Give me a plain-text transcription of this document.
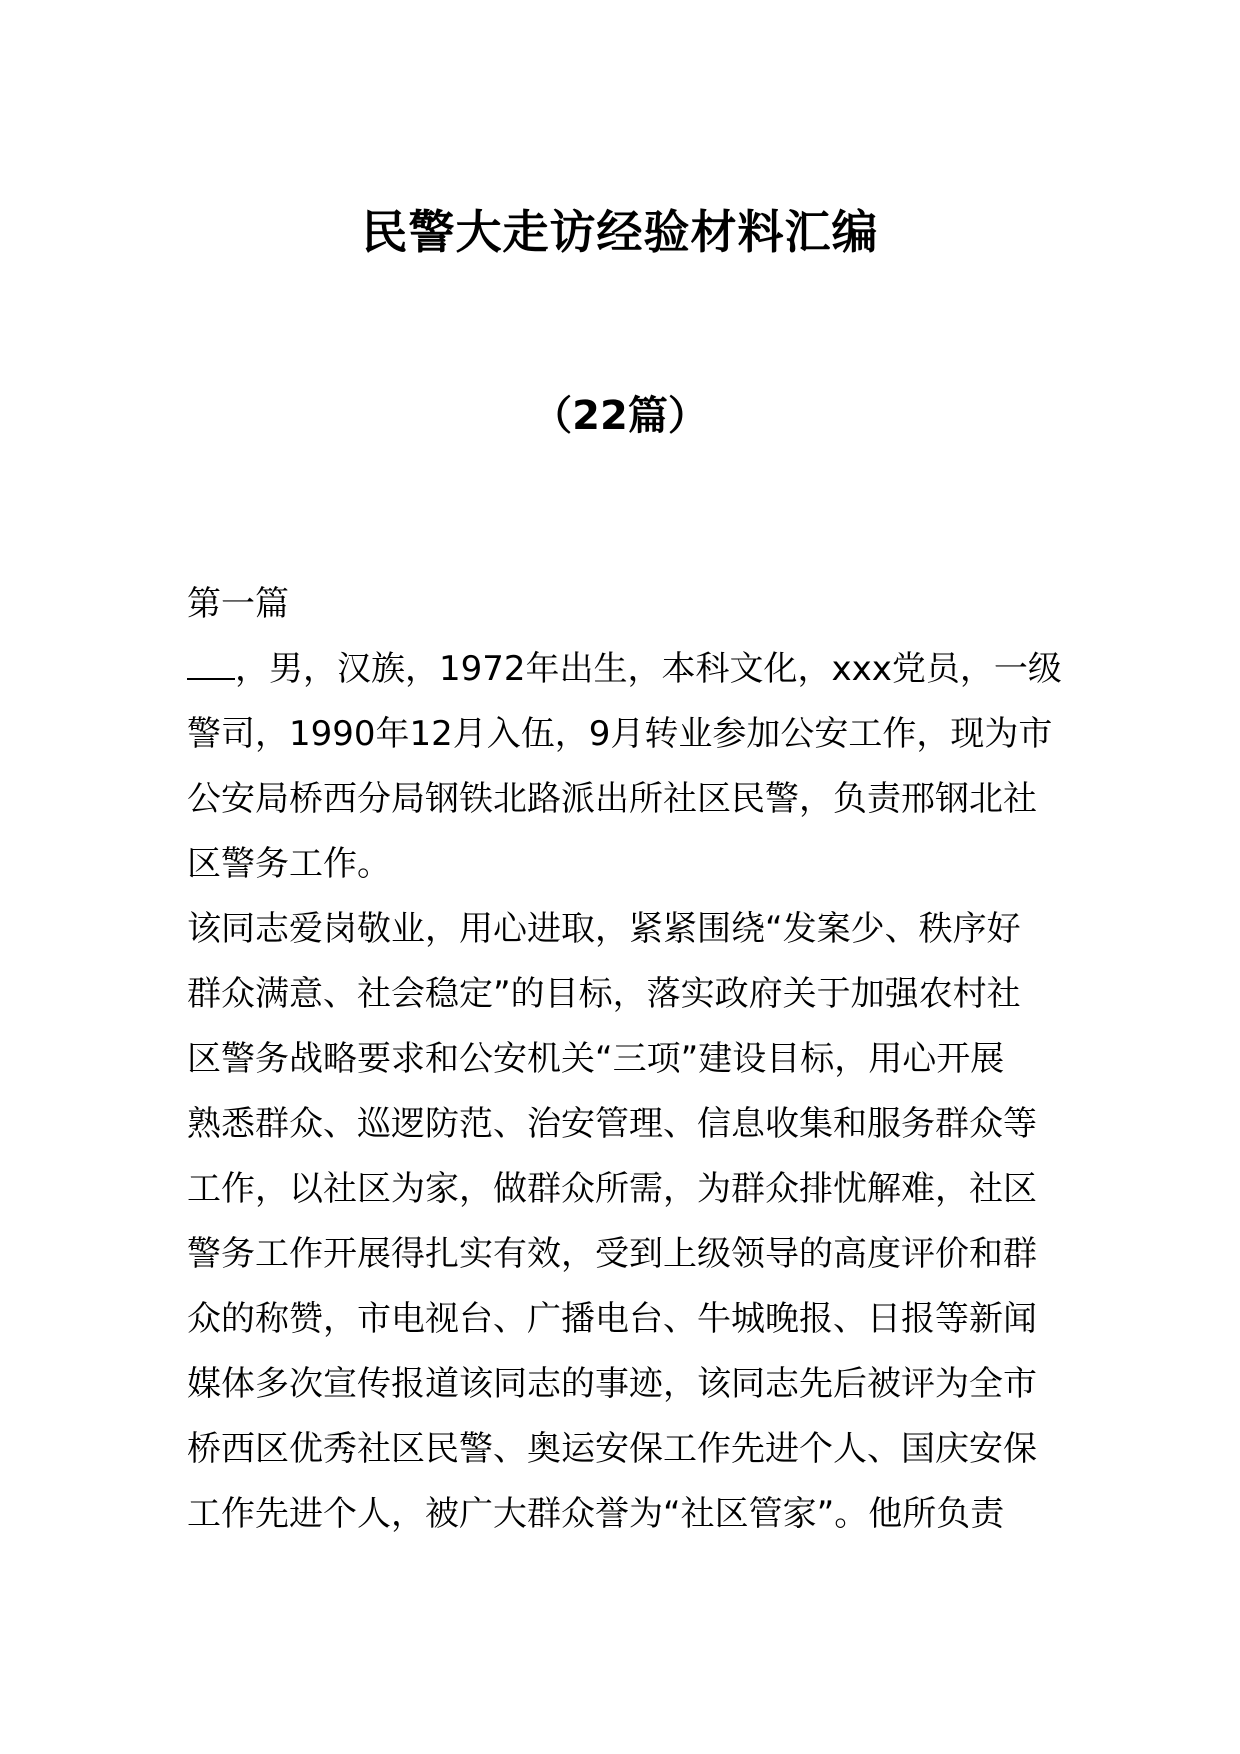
民警大走访经验材料汇编
（22篇）
第一篇
，男，汉族，1972年出生，本科文化，xxx党员，一级
警司，1990年12月入伍，9月转业参加公安工作，现为市
公安局桥西分局钢铁北路派出所社区民警，负责邢钢北社
区警务工作。
该同志爱岗敬业，用心进取，紧紧围绕“发案少、秩序好
群众满意、社会稳定”的目标，落实政府关于加强农村社
区警务战略要求和公安机关“三项”建设目标，用心开展
熟悉群众、巡逻防范、治安管理、信息收集和服务群众等
工作，以社区为家，做群众所需，为群众排忧解难，社区
警务工作开展得扎实有效，受到上级领导的高度评价和群
众的称赞，市电视台、广播电台、牛城晚报、日报等新闻
媒体多次宣传报道该同志的事迹，该同志先后被评为全市
桥西区优秀社区民警、奥运安保工作先进个人、国庆安保
工作先进个人，被广大群众誉为“社区管家”。他所负责
